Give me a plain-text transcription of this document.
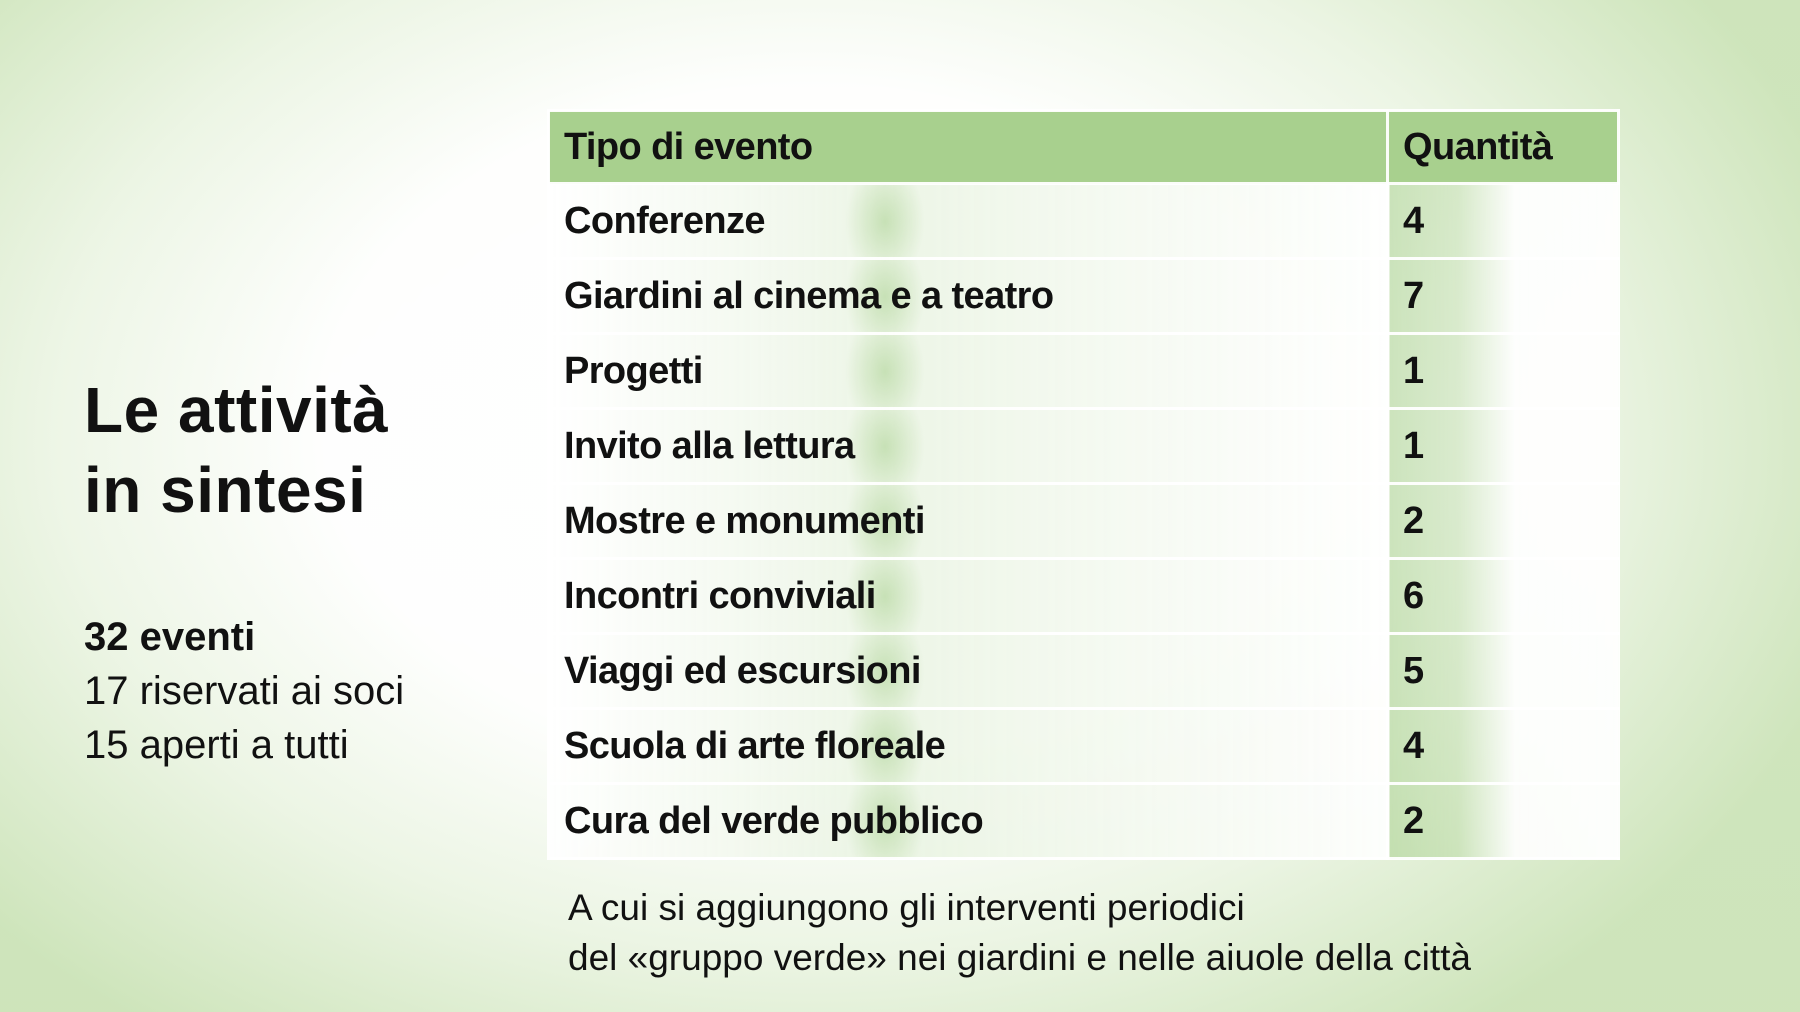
Le attività
in sintesi
32 eventi
17 riservati ai soci
15 aperti a tutti
Tipo di evento	Quantità
Conferenze	4
Giardini al cinema e a teatro	7
Progetti	1
Invito alla lettura	1
Mostre e monumenti	2
Incontri conviviali	6
Viaggi ed escursioni	5
Scuola di arte floreale	4
Cura del verde pubblico	2
A cui si aggiungono gli interventi periodici
del «gruppo verde» nei giardini e nelle aiuole della città
